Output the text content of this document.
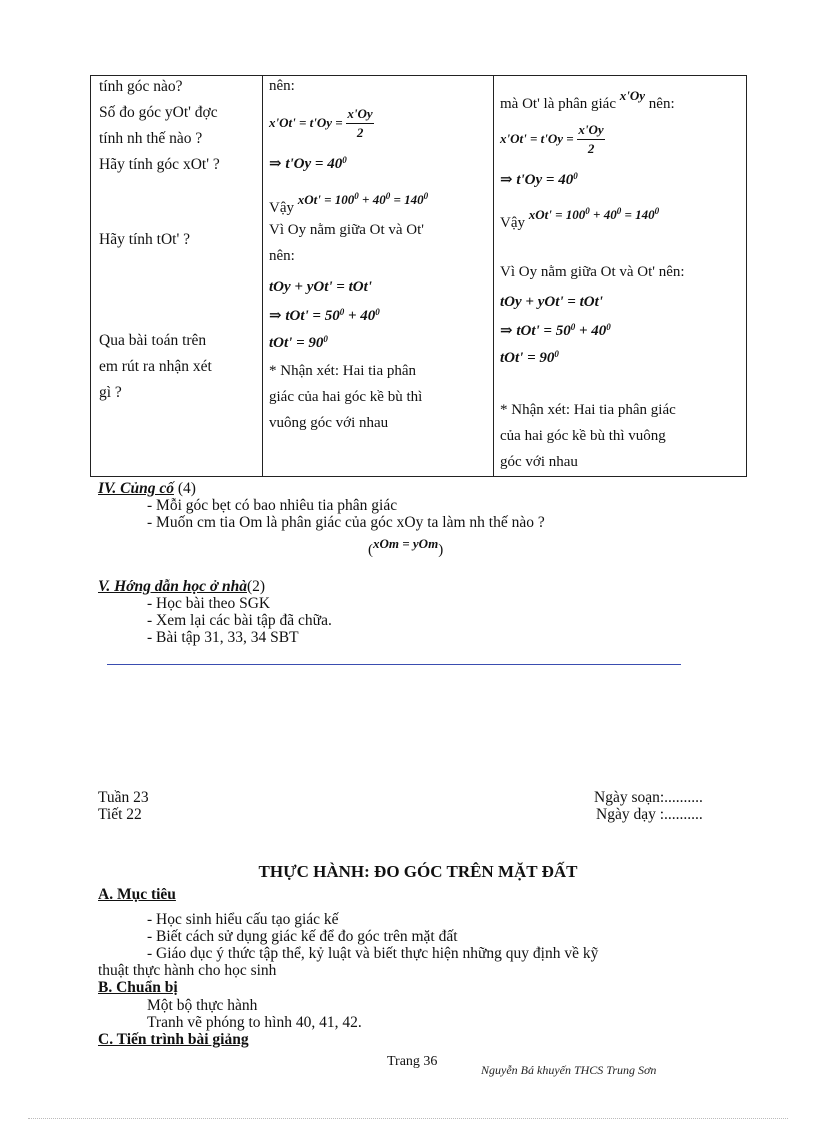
tính góc nào?
Số đo góc yOt' đợc
tính nh thế nào ?
Hãy tính góc xOt' ?
Hãy tính tOt' ?
Qua bài toán trên
em rút ra nhận xét
gì ?
nên:
$x'Ot' = t'Oy = \frac{x'Oy}{2}$
⇒ $t'Oy = 40^0$
Vậy $xOt' = 100^0 + 40^0 = 140^0$
Vì Oy nằm giữa Ot và Ot'
nên:
tOy + yOt' = tOt'
⇒ $tOt' = 50^0 + 40^0$
$tOt' = 90^0$
* Nhận xét: Hai tia phân
giác của hai góc kề bù thì
vuông góc với nhau
mà Ot' là phân giác x'Oy nên:
$x'Ot' = t'Oy = \frac{x'Oy}{2}$
⇒ $t'Oy = 40^0$
Vậy $xOt' = 100^0 + 40^0 = 140^0$
Vì Oy nằm giữa Ot và Ot' nên:
tOy + yOt' = tOt'
⇒ $tOt' = 50^0 + 40^0$
$tOt' = 90^0$
* Nhận xét: Hai tia phân giác
của hai góc kề bù thì vuông
góc với nhau
IV. Củng cố (4)
- Mỗi góc bẹt có bao nhiêu tia phân giác
- Muốn cm tia Om là phân giác của góc xOy ta làm nh thế nào ?
(xOm = yOm)
V. Hớng dẫn học ở nhà(2)
- Học bài theo SGK
- Xem lại các bài tập đã chữa.
- Bài tập 31, 33, 34 SBT
Tuần 23
Tiết 22
Ngày soạn:..........
Ngày dạy :..........
THỰC HÀNH: ĐO GÓC TRÊN MẶT ĐẤT
A. Mục tiêu
- Học sinh hiểu cấu tạo giác kế
- Biết cách sử dụng giác kế để đo góc trên mặt đất
- Giáo dục ý thức tập thể, kỷ luật và biết thực hiện những quy định về kỹ
thuật thực hành cho học sinh
B. Chuẩn bị
Một bộ thực hành
Tranh vẽ phóng to hình 40, 41, 42.
C. Tiến trình bài giảng
Trang 36
Nguyễn Bá khuyến THCS Trung Sơn
